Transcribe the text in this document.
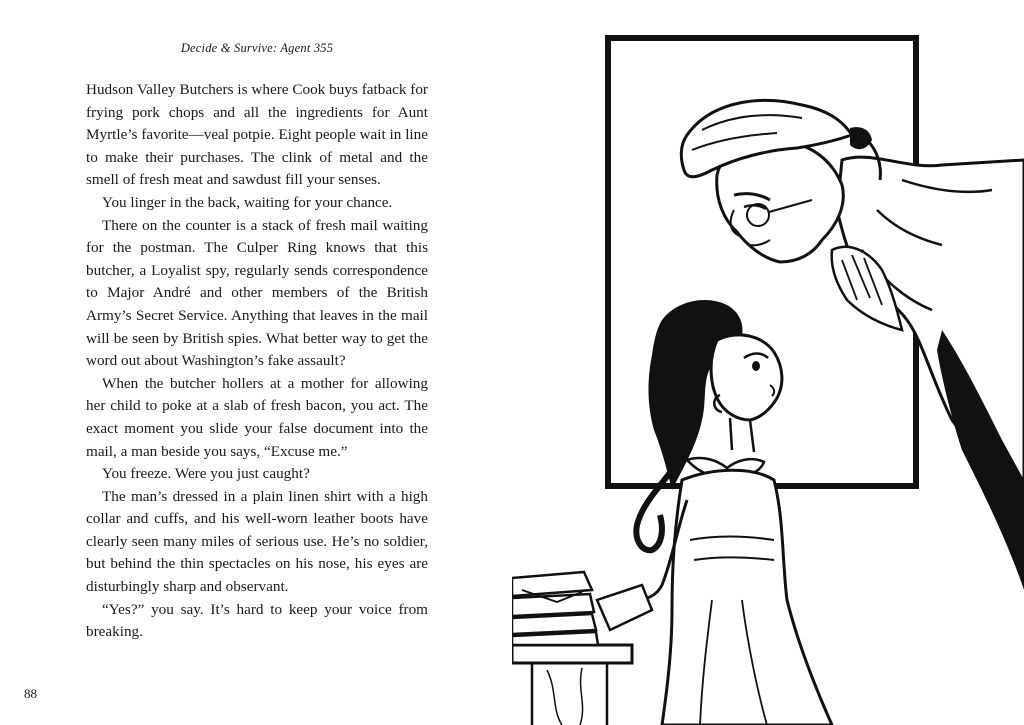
Decide & Survive: Agent 355

Hudson Valley Butchers is where Cook buys fatback for frying pork chops and all the ingredients for Aunt Myrtle’s favorite—veal potpie. Eight people wait in line to make their purchases. The clink of metal and the smell of fresh meat and sawdust fill your senses.

You linger in the back, waiting for your chance.

There on the counter is a stack of fresh mail waiting for the postman. The Culper Ring knows that this butcher, a Loyalist spy, regularly sends correspondence to Major André and other members of the British Army’s Secret Service. Anything that leaves in the mail will be seen by British spies. What better way to get the word out about Washington’s fake assault?

When the butcher hollers at a mother for allowing her child to poke at a slab of fresh bacon, you act. The exact moment you slide your false document into the mail, a man beside you says, “Excuse me.”

You freeze. Were you just caught?

The man’s dressed in a plain linen shirt with a high collar and cuffs, and his well-worn leather boots have clearly seen many miles of serious use. He’s no soldier, but behind the thin spectacles on his nose, his eyes are disturbingly sharp and observant.

“Yes?” you say. It’s hard to keep your voice from breaking.

88
